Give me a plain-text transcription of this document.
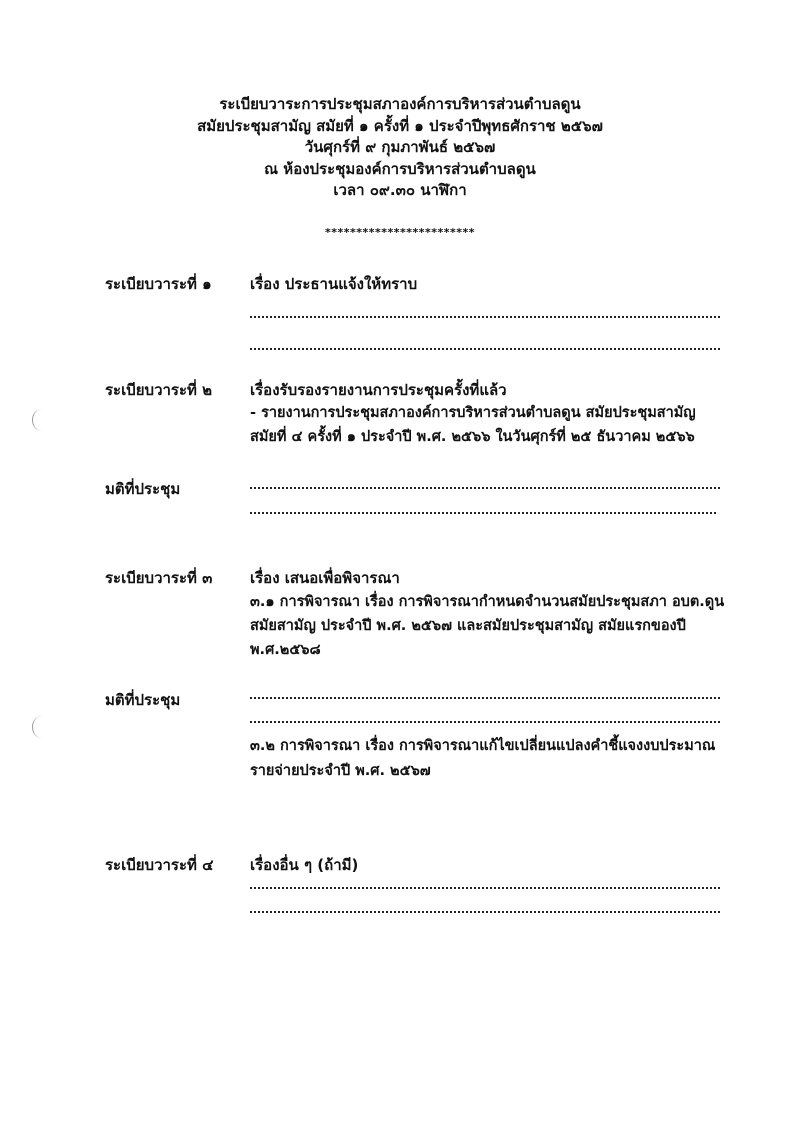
ระเบียบวาระการประชุมสภาองค์การบริหารส่วนตำบลดูน
สมัยประชุมสามัญ สมัยที่ ๑ ครั้งที่ ๑ ประจำปีพุทธศักราช ๒๕๖๗
วันศุกร์ที่ ๙ กุมภาพันธ์ ๒๕๖๗
ณ ห้องประชุมองค์การบริหารส่วนตำบลดูน
เวลา ๐๙.๓๐ นาฬิกา
************************
ระเบียบวาระที่ ๑	เรื่อง ประธานแจ้งให้ทราบ
ระเบียบวาระที่ ๒	เรื่องรับรองรายงานการประชุมครั้งที่แล้ว
- รายงานการประชุมสภาองค์การบริหารส่วนตำบลดูน สมัยประชุมสามัญ
สมัยที่ ๔ ครั้งที่ ๑ ประจำปี พ.ศ. ๒๕๖๖ ในวันศุกร์ที่ ๒๕ ธันวาคม ๒๕๖๖
มติที่ประชุม
ระเบียบวาระที่ ๓	เรื่อง เสนอเพื่อพิจารณา
๓.๑ การพิจารณา เรื่อง การพิจารณากำหนดจำนวนสมัยประชุมสภา อบต.ดูน
สมัยสามัญ ประจำปี พ.ศ. ๒๕๖๗ และสมัยประชุมสามัญ สมัยแรกของปี
พ.ศ.๒๕๖๘
มติที่ประชุม
๓.๒ การพิจารณา เรื่อง การพิจารณาแก้ไขเปลี่ยนแปลงคำชี้แจงงบประมาณ
รายจ่ายประจำปี พ.ศ. ๒๕๖๗
ระเบียบวาระที่ ๔ เรื่องอื่น ๆ (ถ้ามี)
